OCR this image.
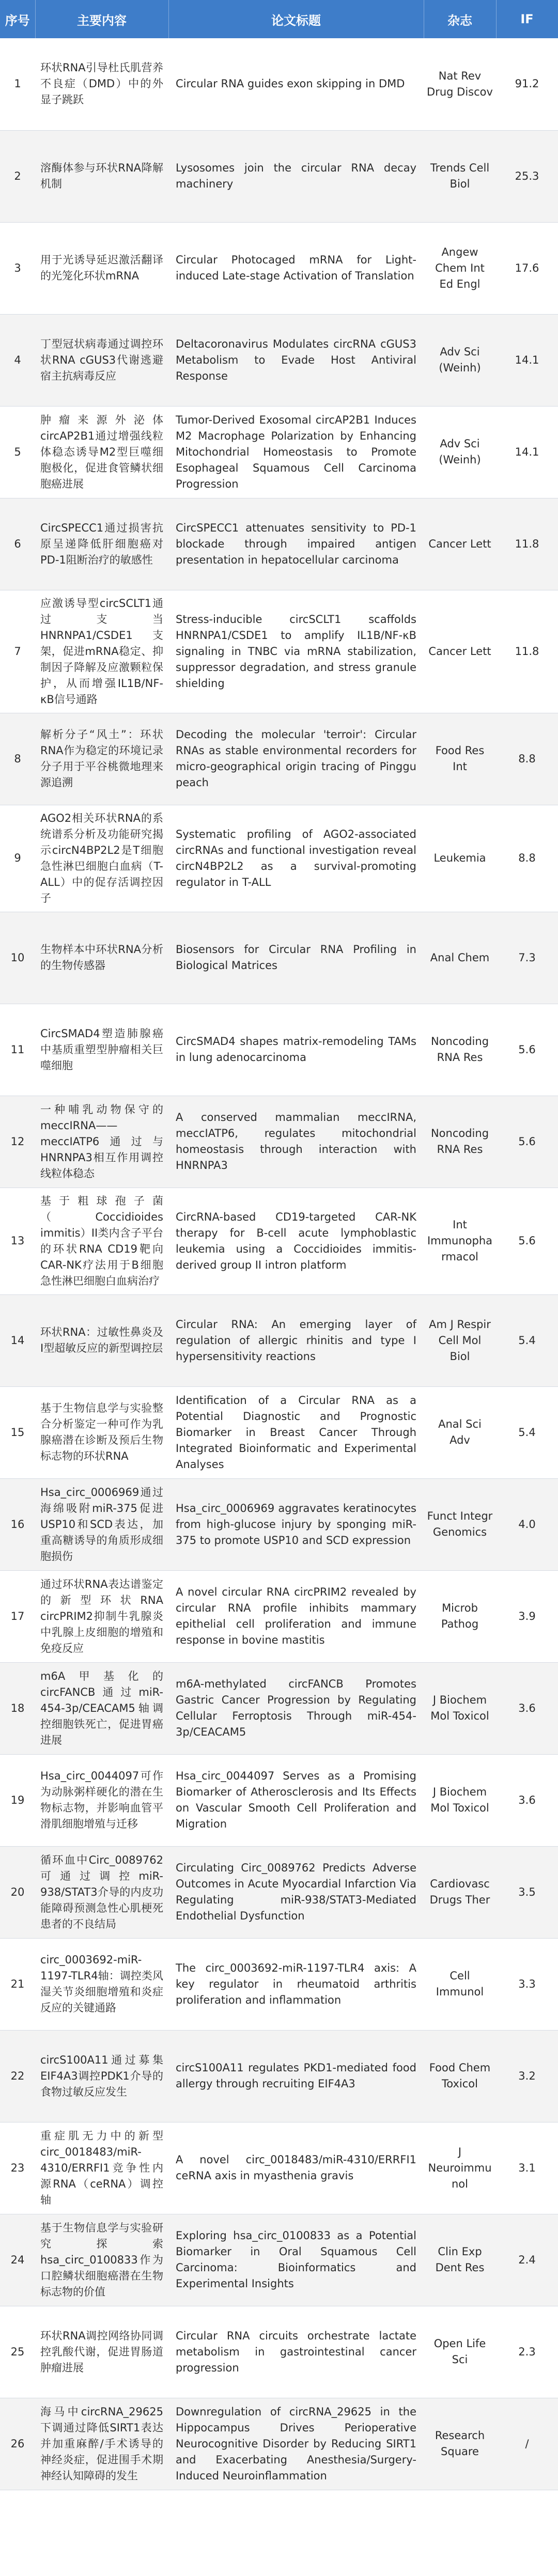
序号	主要内容	论文标题	杂志	IF
1	环状RNA引导杜氏肌营养不良症（DMD）中的外显子跳跃	Circular RNA guides exon skipping in DMD	Nat Rev Drug Discov	91.2
2	溶酶体参与环状RNA降解机制	Lysosomes join the circular RNA decay machinery	Trends Cell Biol	25.3
3	用于光诱导延迟激活翻译的光笼化环状mRNA	Circular Photocaged mRNA for Light-induced Late-stage Activation of Translation	Angew Chem Int Ed Engl	17.6
4	丁型冠状病毒通过调控环状RNA cGUS3代谢逃避宿主抗病毒反应	Deltacoronavirus Modulates circRNA cGUS3 Metabolism to Evade Host Antiviral Response	Adv Sci (Weinh)	14.1
5	肿瘤来源外泌体circAP2B1通过增强线粒体稳态诱导M2型巨噬细胞极化，促进食管鳞状细胞癌进展	Tumor-Derived Exosomal circAP2B1 Induces M2 Macrophage Polarization by Enhancing Mitochondrial Homeostasis to Promote Esophageal Squamous Cell Carcinoma Progression	Adv Sci (Weinh)	14.1
6	CircSPECC1通过损害抗原呈递降低肝细胞癌对PD-1阻断治疗的敏感性	CircSPECC1 attenuates sensitivity to PD-1 blockade through impaired antigen presentation in hepatocellular carcinoma	Cancer Lett	11.8
7	应激诱导型circSCLT1通过支当HNRNPA1/CSDE1支架，促进mRNA稳定、抑制因子降解及应激颗粒保护，从而增强IL1B/NF-κB信号通路	Stress-inducible circSCLT1 scaffolds HNRNPA1/CSDE1 to amplify IL1B/NF-κB signaling in TNBC via mRNA stabilization, suppressor degradation, and stress granule shielding	Cancer Lett	11.8
8	解析分子“风土”：环状RNA作为稳定的环境记录分子用于平谷桃微地理来源追溯	Decoding the molecular 'terroir': Circular RNAs as stable environmental recorders for micro-geographical origin tracing of Pinggu peach	Food Res Int	8.8
9	AGO2相关环状RNA的系统谱系分析及功能研究揭示circN4BP2L2是T细胞急性淋巴细胞白血病（T-ALL）中的促存活调控因子	Systematic profiling of AGO2-associated circRNAs and functional investigation reveal circN4BP2L2 as a survival-promoting regulator in T-ALL	Leukemia	8.8
10	生物样本中环状RNA分析的生物传感器	Biosensors for Circular RNA Profiling in Biological Matrices	Anal Chem	7.3
11	CircSMAD4塑造肺腺癌中基质重塑型肿瘤相关巨噬细胞	CircSMAD4 shapes matrix-remodeling TAMs in lung adenocarcinoma	Noncoding RNA Res	5.6
12	一种哺乳动物保守的meccIRNA——meccIATP6通过与HNRNPA3相互作用调控线粒体稳态	A conserved mammalian meccIRNA, meccIATP6, regulates mitochondrial homeostasis through interaction with HNRNPA3	Noncoding RNA Res	5.6
13	基于粗球孢子菌（Coccidioides immitis）II类内含子平台的环状RNA CD19靶向CAR-NK疗法用于B细胞急性淋巴细胞白血病治疗	CircRNA-based CD19-targeted CAR-NK therapy for B-cell acute lymphoblastic leukemia using a Coccidioides immitis-derived group II intron platform	Int Immunopharmacol	5.6
14	环状RNA：过敏性鼻炎及I型超敏反应的新型调控层	Circular RNA: An emerging layer of regulation of allergic rhinitis and type I hypersensitivity reactions	Am J Respir Cell Mol Biol	5.4
15	基于生物信息学与实验整合分析鉴定一种可作为乳腺癌潜在诊断及预后生物标志物的环状RNA	Identification of a Circular RNA as a Potential Diagnostic and Prognostic Biomarker in Breast Cancer Through Integrated Bioinformatic and Experimental Analyses	Anal Sci Adv	5.4
16	Hsa_circ_0006969通过海绵吸附miR-375促进USP10和SCD表达，加重高糖诱导的角质形成细胞损伤	Hsa_circ_0006969 aggravates keratinocytes from high-glucose injury by sponging miR-375 to promote USP10 and SCD expression	Funct Integr Genomics	4.0
17	通过环状RNA表达谱鉴定的新型环状RNA circPRIM2抑制牛乳腺炎中乳腺上皮细胞的增殖和免疫反应	A novel circular RNA circPRIM2 revealed by circular RNA profile inhibits mammary epithelial cell proliferation and immune response in bovine mastitis	Microb Pathog	3.9
18	m6A甲基化的circFANCB通过miR-454-3p/CEACAM5轴调控细胞铁死亡，促进胃癌进展	m6A-methylated circFANCB Promotes Gastric Cancer Progression by Regulating Cellular Ferroptosis Through miR-454-3p/CEACAM5	J Biochem Mol Toxicol	3.6
19	Hsa_circ_0044097可作为动脉粥样硬化的潜在生物标志物，并影响血管平滑肌细胞增殖与迁移	Hsa_circ_0044097 Serves as a Promising Biomarker of Atherosclerosis and Its Effects on Vascular Smooth Cell Proliferation and Migration	J Biochem Mol Toxicol	3.6
20	循环血中Circ_0089762可通过调控miR-938/STAT3介导的内皮功能障碍预测急性心肌梗死患者的不良结局	Circulating Circ_0089762 Predicts Adverse Outcomes in Acute Myocardial Infarction Via Regulating miR-938/STAT3-Mediated Endothelial Dysfunction	Cardiovasc Drugs Ther	3.5
21	circ_0003692-miR-1197-TLR4轴：调控类风湿关节炎细胞增殖和炎症反应的关键通路	The circ_0003692-miR-1197-TLR4 axis: A key regulator in rheumatoid arthritis proliferation and inflammation	Cell Immunol	3.3
22	circS100A11通过募集EIF4A3调控PDK1介导的食物过敏反应发生	circS100A11 regulates PKD1-mediated food allergy through recruiting EIF4A3	Food Chem Toxicol	3.2
23	重症肌无力中的新型circ_0018483/miR-4310/ERRFI1竞争性内源RNA（ceRNA）调控轴	A novel circ_0018483/miR-4310/ERRFI1 ceRNA axis in myasthenia gravis	J Neuroimmunol	3.1
24	基于生物信息学与实验研究探索hsa_circ_0100833作为口腔鳞状细胞癌潜在生物标志物的价值	Exploring hsa_circ_0100833 as a Potential Biomarker in Oral Squamous Cell Carcinoma: Bioinformatics and Experimental Insights	Clin Exp Dent Res	2.4
25	环状RNA调控网络协同调控乳酸代谢，促进胃肠道肿瘤进展	Circular RNA circuits orchestrate lactate metabolism in gastrointestinal cancer progression	Open Life Sci	2.3
26	海马中circRNA_29625下调通过降低SIRT1表达并加重麻醉/手术诱导的神经炎症，促进围手术期神经认知障碍的发生	Downregulation of circRNA_29625 in the Hippocampus Drives Perioperative Neurocognitive Disorder by Reducing SIRT1 and Exacerbating Anesthesia/Surgery-Induced Neuroinflammation	Research Square	/
